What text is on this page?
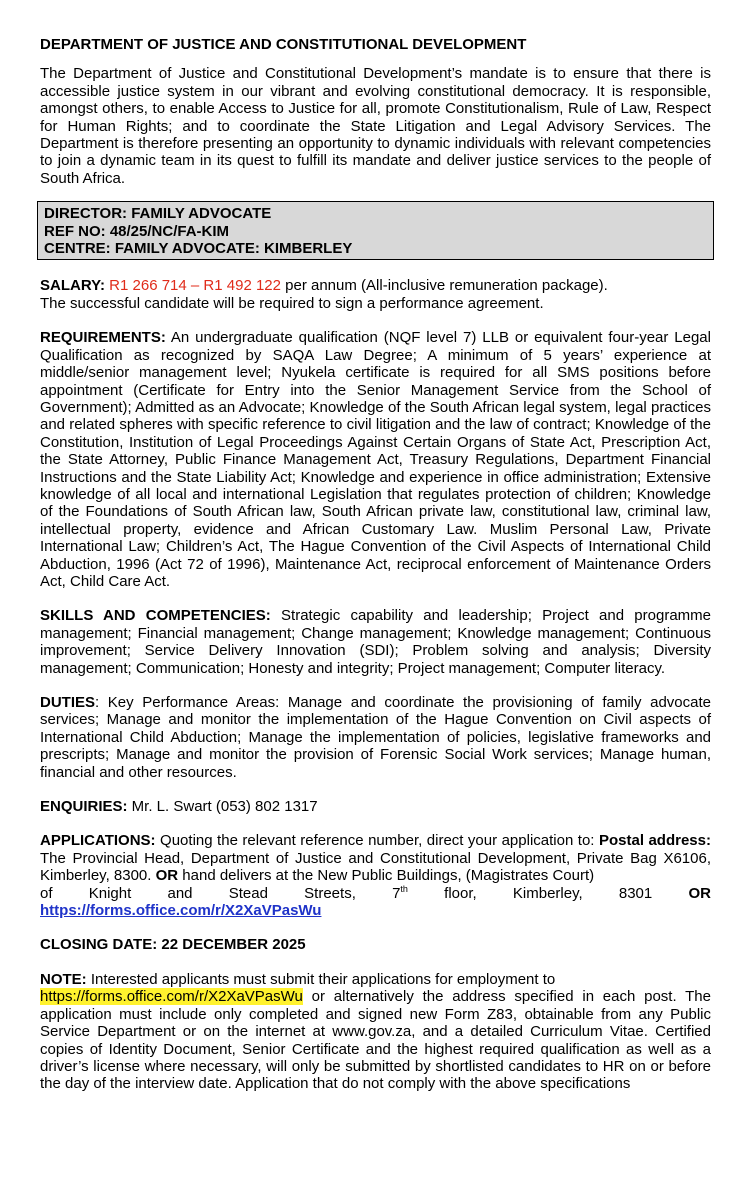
DEPARTMENT OF JUSTICE AND CONSTITUTIONAL DEVELOPMENT

The Department of Justice and Constitutional Development’s mandate is to ensure that there is accessible justice system in our vibrant and evolving constitutional democracy. It is responsible, amongst others, to enable Access to Justice for all, promote Constitutionalism, Rule of Law, Respect for Human Rights; and to coordinate the State Litigation and Legal Advisory Services. The Department is therefore presenting an opportunity to dynamic individuals with relevant competencies to join a dynamic team in its quest to fulfill its mandate and deliver justice services to the people of South Africa.

DIRECTOR: FAMILY ADVOCATE
REF NO: 48/25/NC/FA-KIM
CENTRE: FAMILY ADVOCATE: KIMBERLEY

SALARY: R1 266 714 – R1 492 122 per annum (All-inclusive remuneration package).
The successful candidate will be required to sign a performance agreement.

REQUIREMENTS: An undergraduate qualification (NQF level 7) LLB or equivalent four-year Legal Qualification as recognized by SAQA Law Degree; A minimum of 5 years’ experience at middle/senior management level; Nyukela certificate is required for all SMS positions before appointment (Certificate for Entry into the Senior Management Service from the School of Government); Admitted as an Advocate; Knowledge of the South African legal system, legal practices and related spheres with specific reference to civil litigation and the law of contract; Knowledge of the Constitution, Institution of Legal Proceedings Against Certain Organs of State Act, Prescription Act, the State Attorney, Public Finance Management Act, Treasury Regulations, Department Financial Instructions and the State Liability Act; Knowledge and experience in office administration; Extensive knowledge of all local and international Legislation that regulates protection of children; Knowledge of the Foundations of South African law, South African private law, constitutional law, criminal law, intellectual property, evidence and African Customary Law. Muslim Personal Law, Private International Law; Children’s Act, The Hague Convention of the Civil Aspects of International Child Abduction, 1996 (Act 72 of 1996), Maintenance Act, reciprocal enforcement of Maintenance Orders Act, Child Care Act.

SKILLS AND COMPETENCIES: Strategic capability and leadership; Project and programme management; Financial management; Change management; Knowledge management; Continuous improvement; Service Delivery Innovation (SDI); Problem solving and analysis; Diversity management; Communication; Honesty and integrity; Project management; Computer literacy.

DUTIES: Key Performance Areas: Manage and coordinate the provisioning of family advocate services; Manage and monitor the implementation of the Hague Convention on Civil aspects of International Child Abduction; Manage the implementation of policies, legislative frameworks and prescripts; Manage and monitor the provision of Forensic Social Work services; Manage human, financial and other resources.

ENQUIRIES: Mr. L. Swart (053) 802 1317

APPLICATIONS: Quoting the relevant reference number, direct your application to: Postal address: The Provincial Head, Department of Justice and Constitutional Development, Private Bag X6106, Kimberley, 8300. OR hand delivers at the New Public Buildings, (Magistrates Court)

of Knight and Stead Streets, 7th floor, Kimberley, 8301 OR

https://forms.office.com/r/X2XaVPasWu

CLOSING DATE: 22 DECEMBER 2025

NOTE: Interested applicants must submit their applications for employment to
https://forms.office.com/r/X2XaVPasWu or alternatively the address specified in each post. The application must include only completed and signed new Form Z83, obtainable from any Public Service Department or on the internet at www.gov.za, and a detailed Curriculum Vitae. Certified copies of Identity Document, Senior Certificate and the highest required qualification as well as a driver’s license where necessary, will only be submitted by shortlisted candidates to HR on or before the day of the interview date. Application that do not comply with the above specifications
